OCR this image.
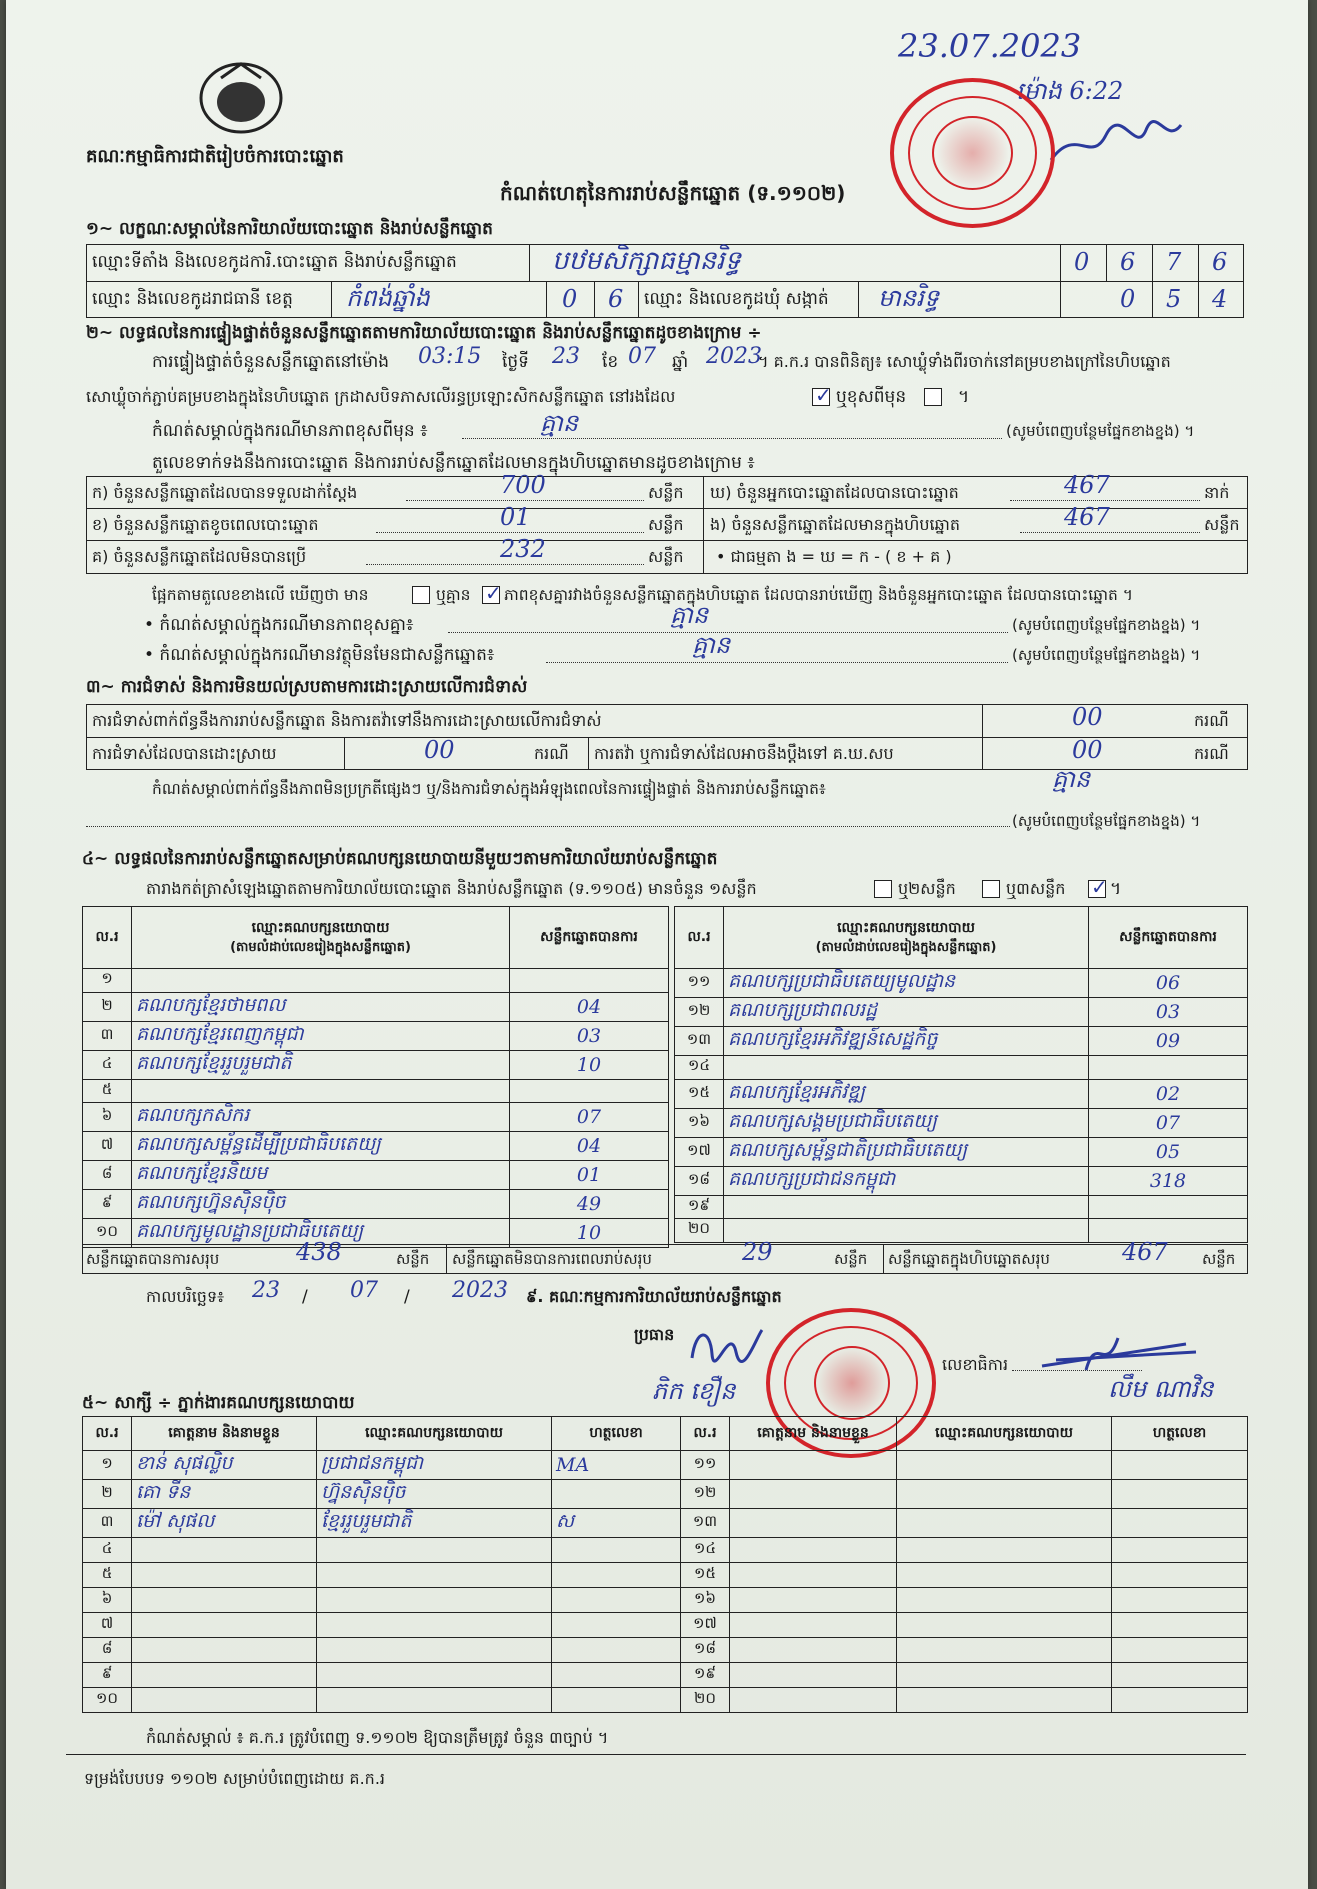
23.07.2023
ម៉ោង 6:22
គណៈកម្មាធិការជាតិរៀបចំការបោះឆ្នោត
កំណត់ហេតុនៃការរាប់សន្លឹកឆ្នោត (ទ.១១០២)
១~ លក្ខណៈសម្គាល់នៃការិយាល័យបោះឆ្នោត និងរាប់សន្លឹកឆ្នោត
ឈ្មោះទីតាំង និងលេខកូដការិ.បោះឆ្នោត និងរាប់សន្លឹកឆ្នោត	បឋមសិក្សាធម្មានរិទ្ធ	0 6 7 6
ឈ្មោះ និងលេខកូដរាជធានី ខេត្ត កំពង់ឆ្នាំង	0 6 ឈ្មោះ និងលេខកូដឃុំ សង្កាត់ មានរិទ្ធ	0 5 4
២~ លទ្ធផលនៃការផ្ទៀងផ្ទាត់ចំនួនសន្លឹកឆ្នោតតាមការិយាល័យបោះឆ្នោត និងរាប់សន្លឹកឆ្នោតដូចខាងក្រោម ÷
ការផ្ទៀងផ្ទាត់ចំនួនសន្លឹកឆ្នោតនៅម៉ោង 03:15 ថ្ងៃទី 23 ខែ 07 ឆ្នាំ 2023
។ គ.ក.រ បានពិនិត្យ៖ សោឃ្លុំទាំងពីរចាក់នៅគម្របខាងក្រៅនៃហិបឆ្នោត
សោឃ្លុំចាក់ភ្ជាប់គម្របខាងក្នុងនៃហិបឆ្នោត ក្រដាសបិទភាសលើរន្ធប្រឡោះសិកសន្លឹកឆ្នោត នៅរងដែល	✓ ឬខុសពីមុន	។
កំណត់សម្គាល់ក្នុងករណីមានភាពខុសពីមុន ៖	គ្មាន	(សូមបំពេញបន្ថែមផ្នែកខាងខ្នង) ។
តួលេខទាក់ទងនឹងការបោះឆ្នោត និងការរាប់សន្លឹកឆ្នោតដែលមានក្នុងហិបឆ្នោតមានដូចខាងក្រោម ៖
ក) ចំនួនសន្លឹកឆ្នោតដែលបានទទួលដាក់ស្តែង	700	សន្លឹក ឃ) ចំនួនអ្នកបោះឆ្នោតដែលបានបោះឆ្នោត	467	នាក់
ខ) ចំនួនសន្លឹកឆ្នោតខូចពេលបោះឆ្នោត	01	សន្លឹក ង) ចំនួនសន្លឹកឆ្នោតដែលមានក្នុងហិបឆ្នោត	467	សន្លឹក
គ) ចំនួនសន្លឹកឆ្នោតដែលមិនបានប្រើ	232	សន្លឹក • ជាធម្មតា ង = ឃ = ក - ( ខ + គ )
ផ្អែកតាមតួលេខខាងលើ ឃើញថា មាន	ឬគ្មាន ✓ ភាពខុសគ្នារវាងចំនួនសន្លឹកឆ្នោតក្នុងហិបឆ្នោត ដែលបានរាប់ឃើញ និងចំនួនអ្នកបោះឆ្នោត ដែលបានបោះឆ្នោត ។
• កំណត់សម្គាល់ក្នុងករណីមានភាពខុសគ្នា៖	គ្មាន	(សូមបំពេញបន្ថែមផ្នែកខាងខ្នង) ។
• កំណត់សម្គាល់ក្នុងករណីមានវត្ថុមិនមែនជាសន្លឹកឆ្នោត៖	គ្មាន	(សូមបំពេញបន្ថែមផ្នែកខាងខ្នង) ។
៣~ ការជំទាស់ និងការមិនយល់ស្របតាមការដោះស្រាយលើការជំទាស់
ការជំទាស់ពាក់ព័ន្ធនឹងការរាប់សន្លឹកឆ្នោត និងការតវ៉ាទៅនឹងការដោះស្រាយលើការជំទាស់	00	ករណី
ការជំទាស់ដែលបានដោះស្រាយ	00	ករណី ការតវ៉ា ឬការជំទាស់ដែលអាចនឹងប្តឹងទៅ គ.ឃ.សប	00	ករណី
កំណត់សម្គាល់ពាក់ព័ន្ធនឹងភាពមិនប្រក្រតីផ្សេងៗ ឬ/និងការជំទាស់ក្នុងអំឡុងពេលនៃការផ្ទៀងផ្ទាត់ និងការរាប់សន្លឹកឆ្នោត៖	គ្មាន
(សូមបំពេញបន្ថែមផ្នែកខាងខ្នង) ។
៤~ លទ្ធផលនៃការរាប់សន្លឹកឆ្នោតសម្រាប់គណបក្សនយោបាយនីមួយៗតាមការិយាល័យរាប់សន្លឹកឆ្នោត
តារាងកត់ត្រាសំឡេងឆ្នោតតាមការិយាល័យបោះឆ្នោត និងរាប់សន្លឹកឆ្នោត (ទ.១១០៥) មានចំនួន ១សន្លឹក	ឬ២សន្លឹក	ឬ៣សន្លឹក ✓ ។
ល.រ	ឈ្មោះគណបក្សនយោបាយ
(តាមលំដាប់លេខរៀងក្នុងសន្លឹកឆ្នោត)	សន្លឹកឆ្នោតបានការ
១		
២	គណបក្សខ្មែរថាមពល	04
៣	គណបក្សខ្មែរពេញកម្ពុជា	03
៤	គណបក្សខ្មែររួបរួមជាតិ	10
៥		
៦	គណបក្សកសិករ	07
៧	គណបក្សសម្ព័ន្ធដើម្បីប្រជាធិបតេយ្យ	04
៨	គណបក្សខ្មែរនិយម	01
៩	គណបក្សហ្វ៊ុនស៊ិនប៉ិច	49
១០	គណបក្សមូលដ្ឋានប្រជាធិបតេយ្យ	10
ល.រ	ឈ្មោះគណបក្សនយោបាយ
(តាមលំដាប់លេខរៀងក្នុងសន្លឹកឆ្នោត)	សន្លឹកឆ្នោតបានការ
១១	គណបក្សប្រជាធិបតេយ្យមូលដ្ឋាន	06
១២	គណបក្សប្រជាពលរដ្ឋ	03
១៣	គណបក្សខ្មែរអភិវឌ្ឍន៍សេដ្ឋកិច្ច	09
១៤		
១៥	គណបក្សខ្មែរអភិវឌ្ឍ	02
១៦	គណបក្សសង្គមប្រជាធិបតេយ្យ	07
១៧	គណបក្សសម្ព័ន្ធជាតិប្រជាធិបតេយ្យ	05
១៨	គណបក្សប្រជាជនកម្ពុជា	318
១៩		
២០		
សន្លឹកឆ្នោតបានការសរុប	438	សន្លឹក សន្លឹកឆ្នោតមិនបានការពេលរាប់សរុប	29	សន្លឹក សន្លឹកឆ្នោតក្នុងហិបឆ្នោតសរុប	467 សន្លឹក
កាលបរិច្ឆេទ៖ 23 / 07 / 2023 ៩. គណៈកម្មការការិយាល័យរាប់សន្លឹកឆ្នោត
ប្រធាន
ភិក ខឿន
លេខាធិការ
លឹម ណាវិន
៥~ សាក្សី ÷ ភ្នាក់ងារគណបក្សនយោបាយ
ល.រ	គោត្តនាម និងនាមខ្លួន	ឈ្មោះគណបក្សនយោបាយ	ហត្ថលេខា	ល.រ	គោត្តនាម និងនាមខ្លួន	ឈ្មោះគណបក្សនយោបាយ	ហត្ថលេខា
១	ខាន់ សុផល្លិប	ប្រជាជនកម្ពុជា	MA	១១			
២	គោ ទីន	ហ្វ៊ុនស៊ិនប៉ិច		១២			
៣	ម៉ៅ សុផល	ខ្មែររួបរួមជាតិ	ស	១៣			
៤				១៤			
៥				១៥			
៦				១៦			
៧				១៧			
៨				១៨			
៩				១៩			
១០				២០			
កំណត់សម្គាល់ ៖ គ.ក.រ ត្រូវបំពេញ ទ.១១០២ ឱ្យបានត្រឹមត្រូវ ចំនួន ៣ច្បាប់ ។
ទម្រង់បែបបទ ១១០២ សម្រាប់បំពេញដោយ គ.ក.រ
